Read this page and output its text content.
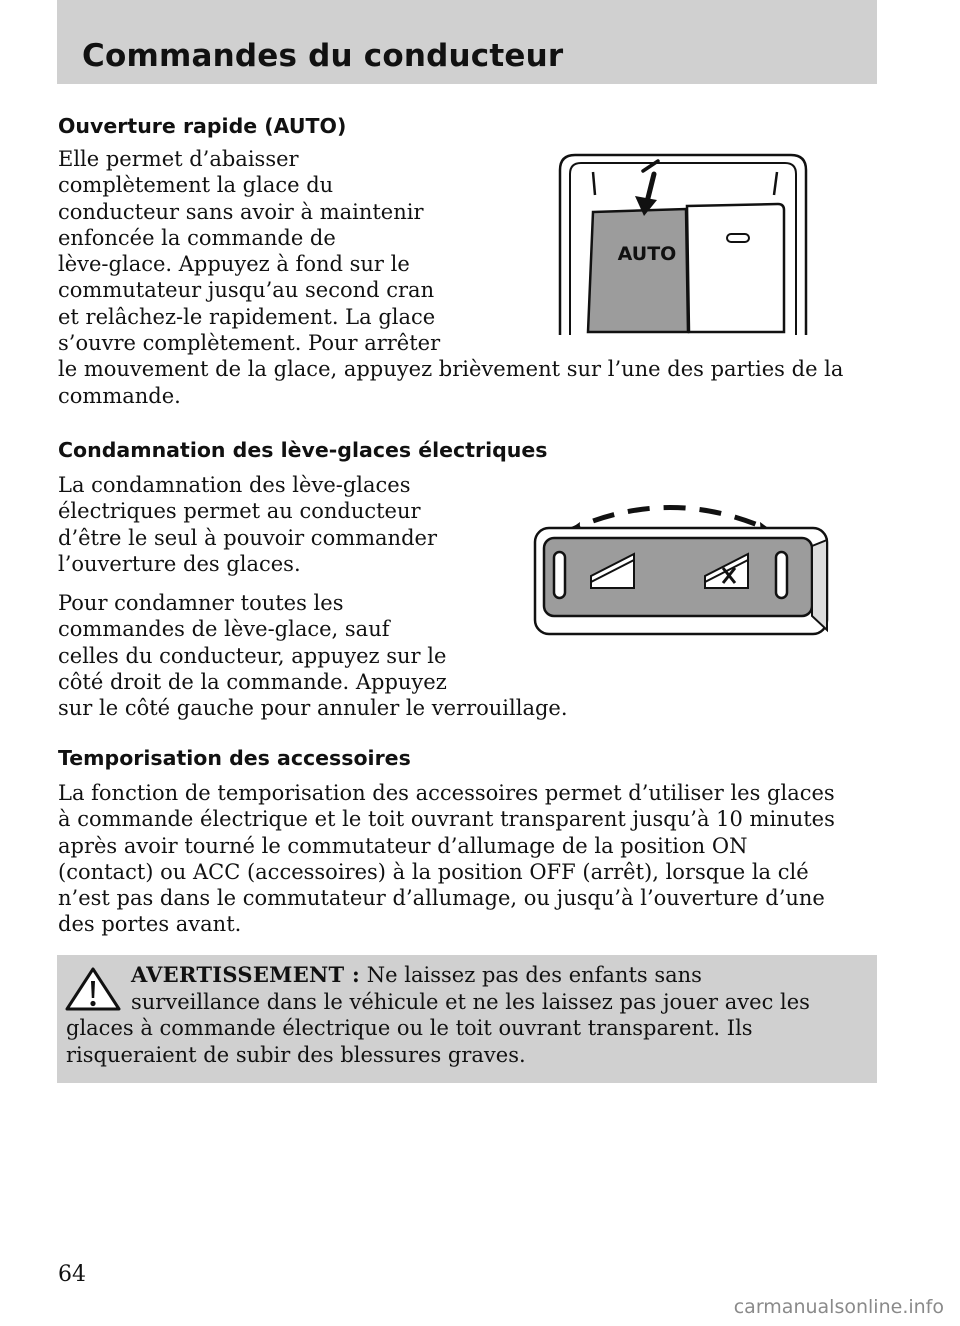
Commandes du conducteur
Ouverture rapide (AUTO)

Elle permet d’abaisser
complètement la glace du
conducteur sans avoir à maintenir
enfoncée la commande de
lève-glace. Appuyez à fond sur le
commutateur jusqu’au second cran
et relâchez-le rapidement. La glace
s’ouvre complètement. Pour arrêter
le mouvement de la glace, appuyez brièvement sur l’une des parties de la
commande.

AUTO
Condamnation des lève-glaces électriques

La condamnation des lève-glaces
électriques permet au conducteur
d’être le seul à pouvoir commander
l’ouverture des glaces.

Pour condamner toutes les
commandes de lève-glace, sauf
celles du conducteur, appuyez sur le
côté droit de la commande. Appuyez
sur le côté gauche pour annuler le verrouillage.

Temporisation des accessoires

La fonction de temporisation des accessoires permet d’utiliser les glaces
à commande électrique et le toit ouvrant transparent jusqu’à 10 minutes
après avoir tourné le commutateur d’allumage de la position ON
(contact) ou ACC (accessoires) à la position OFF (arrêt), lorsque la clé
n’est pas dans le commutateur d’allumage, ou jusqu’à l’ouverture d’une
des portes avant.

AVERTISSEMENT : Ne laissez pas des enfants sans
surveillance dans le véhicule et ne les laissez pas jouer avec les
glaces à commande électrique ou le toit ouvrant transparent. Ils
risqueraient de subir des blessures graves.

64

carmanualsonline.info
